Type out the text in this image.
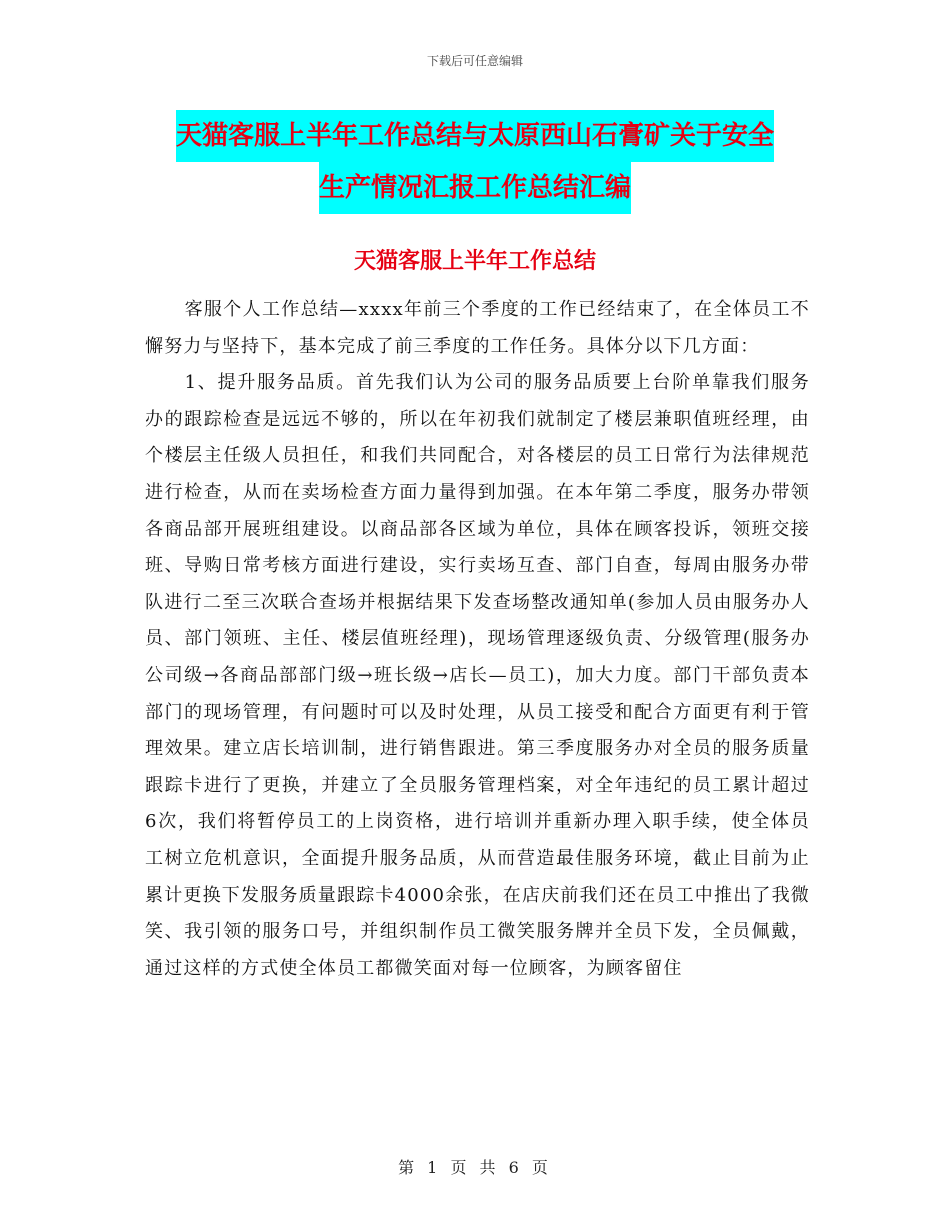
下载后可任意编辑
天猫客服上半年工作总结与太原西山石膏矿关于安全
生产情况汇报工作总结汇编
天猫客服上半年工作总结

客服个人工作总结—xxxx年前三个季度的工作已经结束了，在全体员工不懈努力与坚持下，基本完成了前三季度的工作任务。具体分以下几方面：

1、提升服务品质。首先我们认为公司的服务品质要上台阶单靠我们服务办的跟踪检查是远远不够的，所以在年初我们就制定了楼层兼职值班经理，由个楼层主任级人员担任，和我们共同配合，对各楼层的员工日常行为法律规范进行检查，从而在卖场检查方面力量得到加强。在本年第二季度，服务办带领各商品部开展班组建设。以商品部各区域为单位，具体在顾客投诉，领班交接班、导购日常考核方面进行建设，实行卖场互查、部门自查，每周由服务办带队进行二至三次联合查场并根据结果下发查场整改通知单(参加人员由服务办人员、部门领班、主任、楼层值班经理)，现场管理逐级负责、分级管理(服务办公司级→各商品部部门级→班长级→店长—员工)，加大力度。部门干部负责本部门的现场管理，有问题时可以及时处理，从员工接受和配合方面更有利于管理效果。建立店长培训制，进行销售跟进。第三季度服务办对全员的服务质量跟踪卡进行了更换，并建立了全员服务管理档案，对全年违纪的员工累计超过6次，我们将暂停员工的上岗资格，进行培训并重新办理入职手续，使全体员工树立危机意识，全面提升服务品质，从而营造最佳服务环境，截止目前为止累计更换下发服务质量跟踪卡4000余张，在店庆前我们还在员工中推出了我微笑、我引领的服务口号，并组织制作员工微笑服务牌并全员下发，全员佩戴，通过这样的方式使全体员工都微笑面对每一位顾客，为顾客留住

第 1 页 共 6 页
